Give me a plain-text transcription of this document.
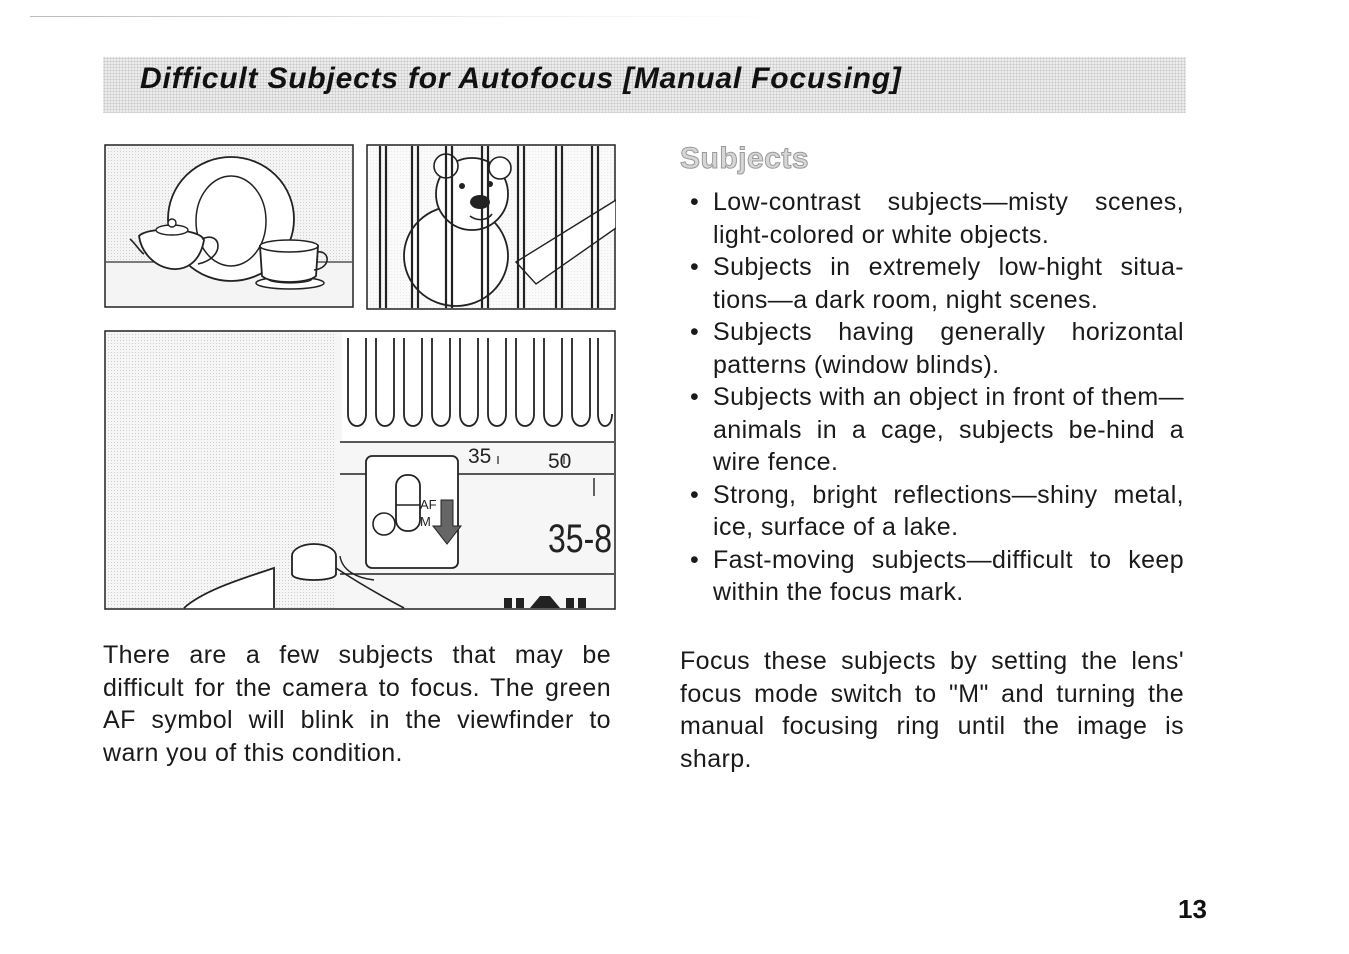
Difficult Subjects for Autofocus [Manual Focusing]
35	50
AF
M	35-8

There are a few subjects that may be difficult for the camera to focus. The green AF symbol will blink in the viewfinder to warn you of this condition.

Subjects
• Low-contrast subjects—misty scenes, light-colored or white objects.
• Subjects in extremely low-hight situa-tions—a dark room, night scenes.
• Subjects having generally horizontal patterns (window blinds).
• Subjects with an object in front of them—animals in a cage, subjects be-hind a wire fence.
• Strong, bright reflections—shiny metal, ice, surface of a lake.
• Fast-moving subjects—difficult to keep within the focus mark.

Focus these subjects by setting the lens' focus mode switch to "M" and turning the manual focusing ring until the image is sharp.

13
